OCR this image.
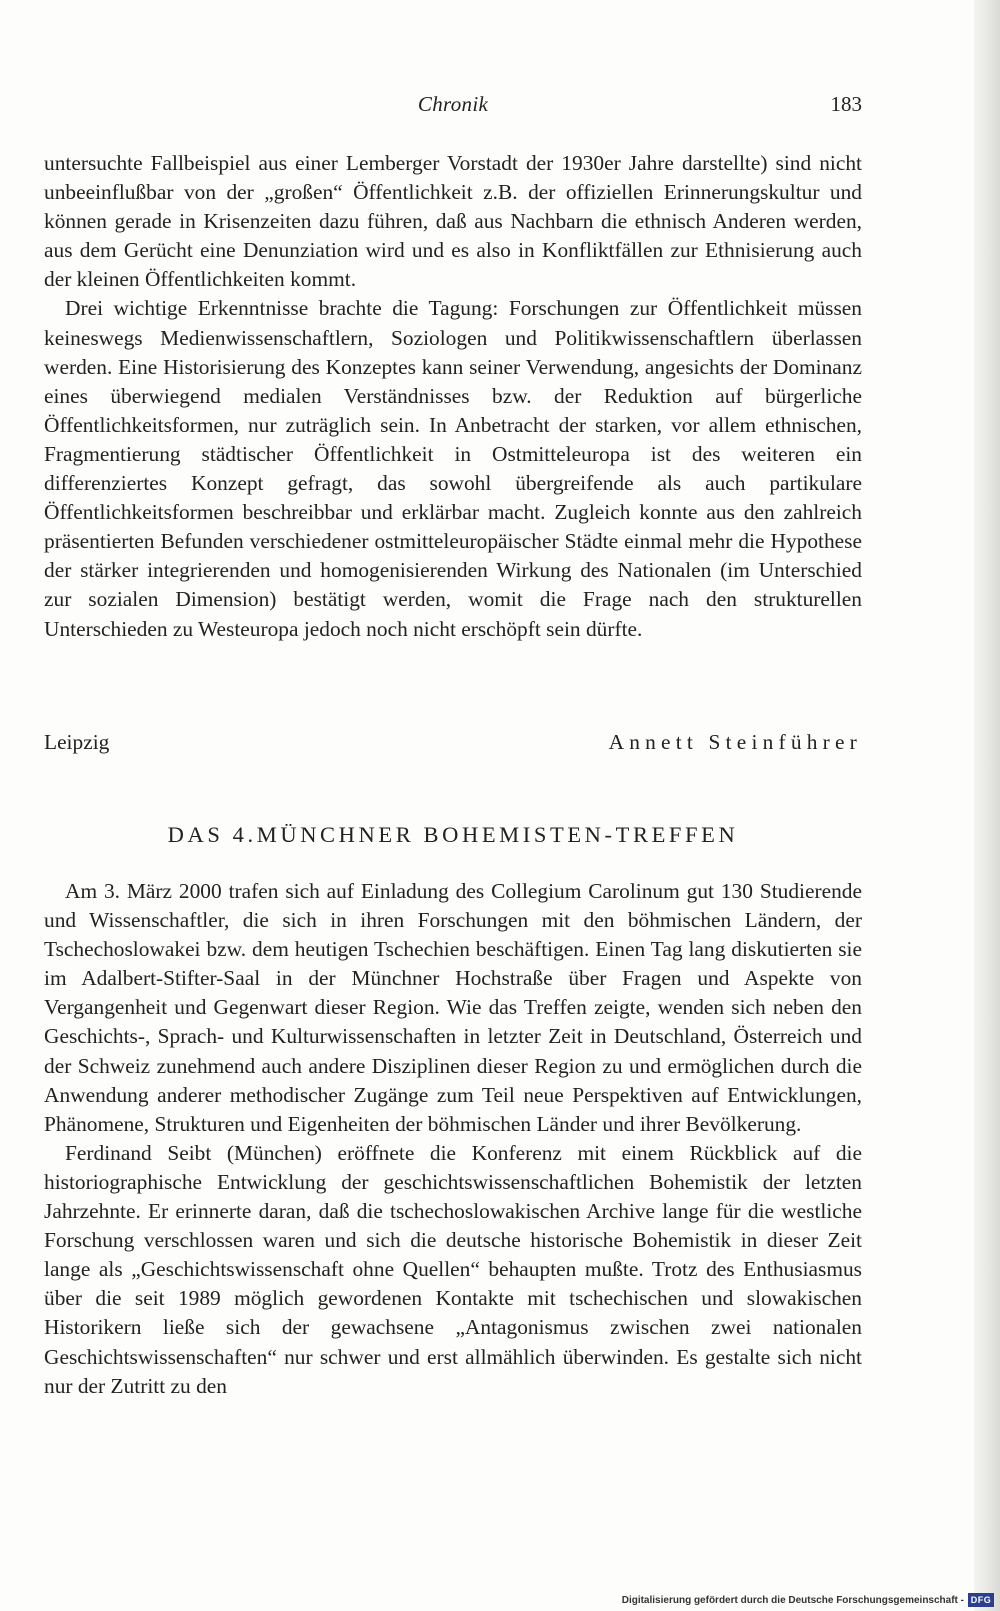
Chronik	183

untersuchte Fallbeispiel aus einer Lemberger Vorstadt der 1930er Jahre darstellte) sind nicht unbeeinflußbar von der „großen“ Öffentlichkeit z.B. der offiziellen Erinnerungskultur und können gerade in Krisenzeiten dazu führen, daß aus Nachbarn die ethnisch Anderen werden, aus dem Gerücht eine Denunziation wird und es also in Konfliktfällen zur Ethnisierung auch der kleinen Öffentlichkeiten kommt.

Drei wichtige Erkenntnisse brachte die Tagung: Forschungen zur Öffentlichkeit müssen keineswegs Medienwissenschaftlern, Soziologen und Politikwissenschaftlern überlassen werden. Eine Historisierung des Konzeptes kann seiner Verwendung, angesichts der Dominanz eines überwiegend medialen Verständnisses bzw. der Reduktion auf bürgerliche Öffentlichkeitsformen, nur zuträglich sein. In Anbetracht der starken, vor allem ethnischen, Fragmentierung städtischer Öffentlichkeit in Ostmitteleuropa ist des weiteren ein differenziertes Konzept gefragt, das sowohl übergreifende als auch partikulare Öffentlichkeitsformen beschreibbar und erklärbar macht. Zugleich konnte aus den zahlreich präsentierten Befunden verschiedener ostmitteleuropäischer Städte einmal mehr die Hypothese der stärker integrierenden und homogenisierenden Wirkung des Nationalen (im Unterschied zur sozialen Dimension) bestätigt werden, womit die Frage nach den strukturellen Unterschieden zu Westeuropa jedoch noch nicht erschöpft sein dürfte.

Leipzig	Annett Steinführer
DAS 4.MÜNCHNER BOHEMISTEN-TREFFEN

Am 3. März 2000 trafen sich auf Einladung des Collegium Carolinum gut 130 Studierende und Wissenschaftler, die sich in ihren Forschungen mit den böhmischen Ländern, der Tschechoslowakei bzw. dem heutigen Tschechien beschäftigen. Einen Tag lang diskutierten sie im Adalbert-Stifter-Saal in der Münchner Hochstraße über Fragen und Aspekte von Vergangenheit und Gegenwart dieser Region. Wie das Treffen zeigte, wenden sich neben den Geschichts-, Sprach- und Kulturwissenschaften in letzter Zeit in Deutschland, Österreich und der Schweiz zunehmend auch andere Disziplinen dieser Region zu und ermöglichen durch die Anwendung anderer methodischer Zugänge zum Teil neue Perspektiven auf Entwicklungen, Phänomene, Strukturen und Eigenheiten der böhmischen Länder und ihrer Bevölkerung.

Ferdinand Seibt (München) eröffnete die Konferenz mit einem Rückblick auf die historiographische Entwicklung der geschichtswissenschaftlichen Bohemistik der letzten Jahrzehnte. Er erinnerte daran, daß die tschechoslowakischen Archive lange für die westliche Forschung verschlossen waren und sich die deutsche historische Bohemistik in dieser Zeit lange als „Geschichtswissenschaft ohne Quellen“ behaupten mußte. Trotz des Enthusiasmus über die seit 1989 möglich gewordenen Kontakte mit tschechischen und slowakischen Historikern ließe sich der gewachsene „Antagonismus zwischen zwei nationalen Geschichtswissenschaften“ nur schwer und erst allmählich überwinden. Es gestalte sich nicht nur der Zutritt zu den

Digitalisierung gefördert durch die Deutsche Forschungsgemeinschaft - DFG
